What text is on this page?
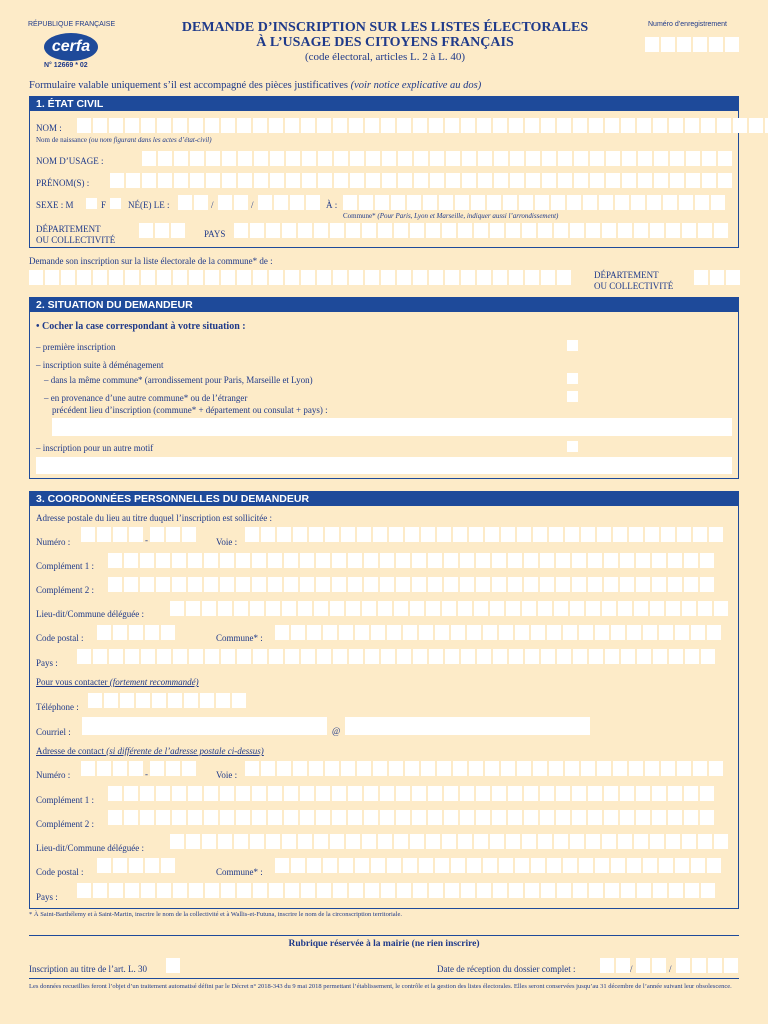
RÉPUBLIQUE FRANÇAISE
cerfa
N° 12669 * 02
DEMANDE D’INSCRIPTION SUR LES LISTES ÉLECTORALES
À L’USAGE DES CITOYENS FRANÇAIS
(code électoral, articles L. 2 à L. 40)
Numéro d’enregistrement
Formulaire valable uniquement s’il est accompagné des pièces justificatives (voir notice explicative au dos)
1. ÉTAT CIVIL
NOM :
Nom de naissance (ou nom figurant dans les actes d’état-civil)
NOM D’USAGE :
PRÉNOM(S) :
SEXE : M	F NÉ(E) LE :	/	/	À :
Commune* (Pour Paris, Lyon et Marseille, indiquer aussi l’arrondissement)
DÉPARTEMENT
OU COLLECTIVITÉ
PAYS
Demande son inscription sur la liste électorale de la commune* de :
DÉPARTEMENT
OU COLLECTIVITÉ
2. SITUATION DU DEMANDEUR
• Cocher la case correspondant à votre situation :
– première inscription
– inscription suite à déménagement
– dans la même commune* (arrondissement pour Paris, Marseille et Lyon)
– en provenance d’une autre commune* ou de l’étranger
précédent lieu d’inscription (commune* + département ou consulat + pays) :
– inscription pour un autre motif
3. COORDONNÉES PERSONNELLES DU DEMANDEUR
Adresse postale du lieu au titre duquel l’inscription est sollicitée :
Numéro :	-	Voie :
Complément 1 :
Complément 2 :
Lieu-dit/Commune déléguée :
Code postal :	Commune* :
Pays :
Pour vous contacter (fortement recommandé)
Téléphone :
Courriel :	@
Adresse de contact (si différente de l’adresse postale ci-dessus)
Numéro :	-	Voie :
Complément 1 :
Complément 2 :
Lieu-dit/Commune déléguée :
Code postal :	Commune* :
Pays :
* À Saint-Barthélemy et à Saint-Martin, inscrire le nom de la collectivité et à Wallis-et-Futuna, inscrire le nom de la circonscription territoriale.
Rubrique réservée à la mairie (ne rien inscrire)
Inscription au titre de l’art. L. 30	Date de réception du dossier complet :	/	/
Les données recueillies feront l’objet d’un traitement automatisé défini par le Décret n° 2018-343 du 9 mai 2018 permettant l’établissement, le contrôle et la gestion des listes électorales. Elles seront conservées jusqu’au 31 décembre de l’année suivant leur obsolescence.
